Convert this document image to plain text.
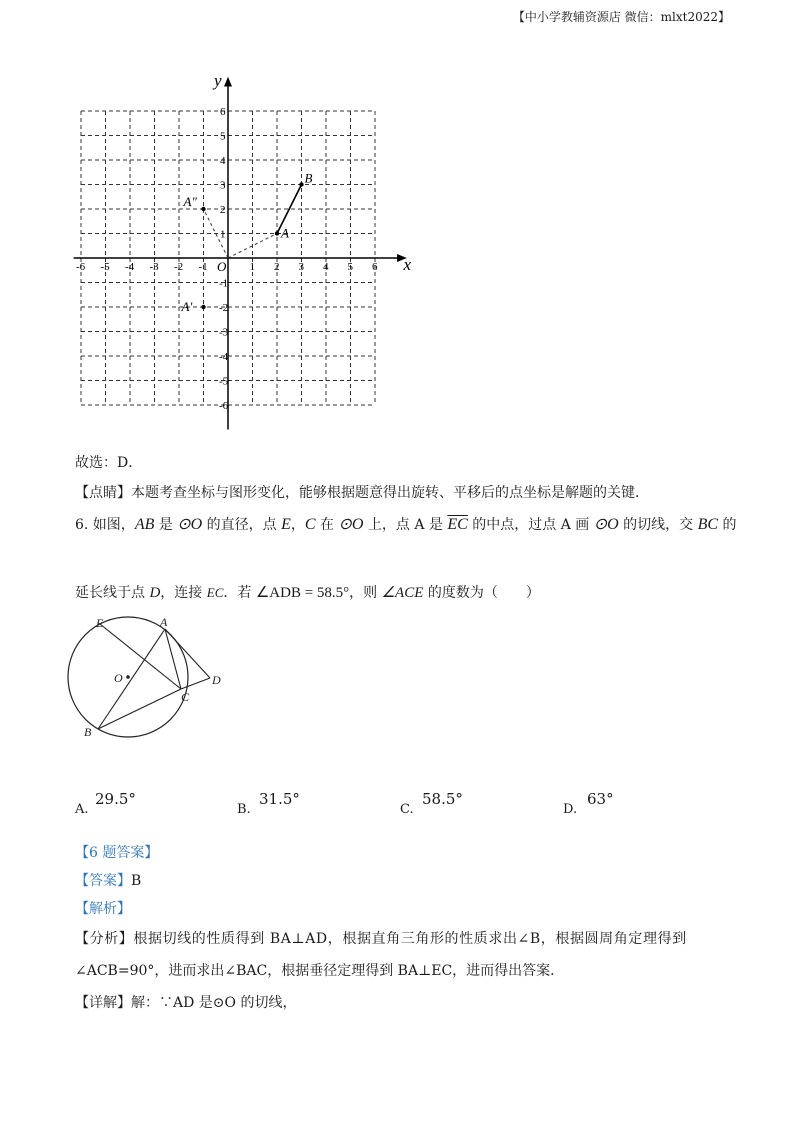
【中小学教辅资源店 微信：mlxt2022】
-6 -5 -4 -3 -2 -1	1 2 3 4 5 6
6
5
4
3
2
1
-1
-2
-3
-4
-5
-6
A
B
A″
A′
x
y
O
故选：D．
【点睛】本题考查坐标与图形变化，能够根据题意得出旋转、平移后的点坐标是解题的关键．
6. 如图，AB 是 ⊙O 的直径，点 E，C 在 ⊙O 上，点 A 是 $\overline{EC}$ 的中点，过点 A 画 ⊙O 的切线，交 BC 的
延长线于点 D，连接 EC．若 ∠ADB = 58.5°，则 ∠ACE 的度数为（　　）
E	A
O
C
D
B
A.
29.5°
B.
31.5°
C.
58.5°
D.
63°
【6 题答案】
【答案】B
【解析】
【分析】根据切线的性质得到 BA⊥AD，根据直角三角形的性质求出∠B，根据圆周角定理得到
∠ACB=90°，进而求出∠BAC，根据垂径定理得到 BA⊥EC，进而得出答案．
【详解】解：∵AD 是⊙O 的切线，
